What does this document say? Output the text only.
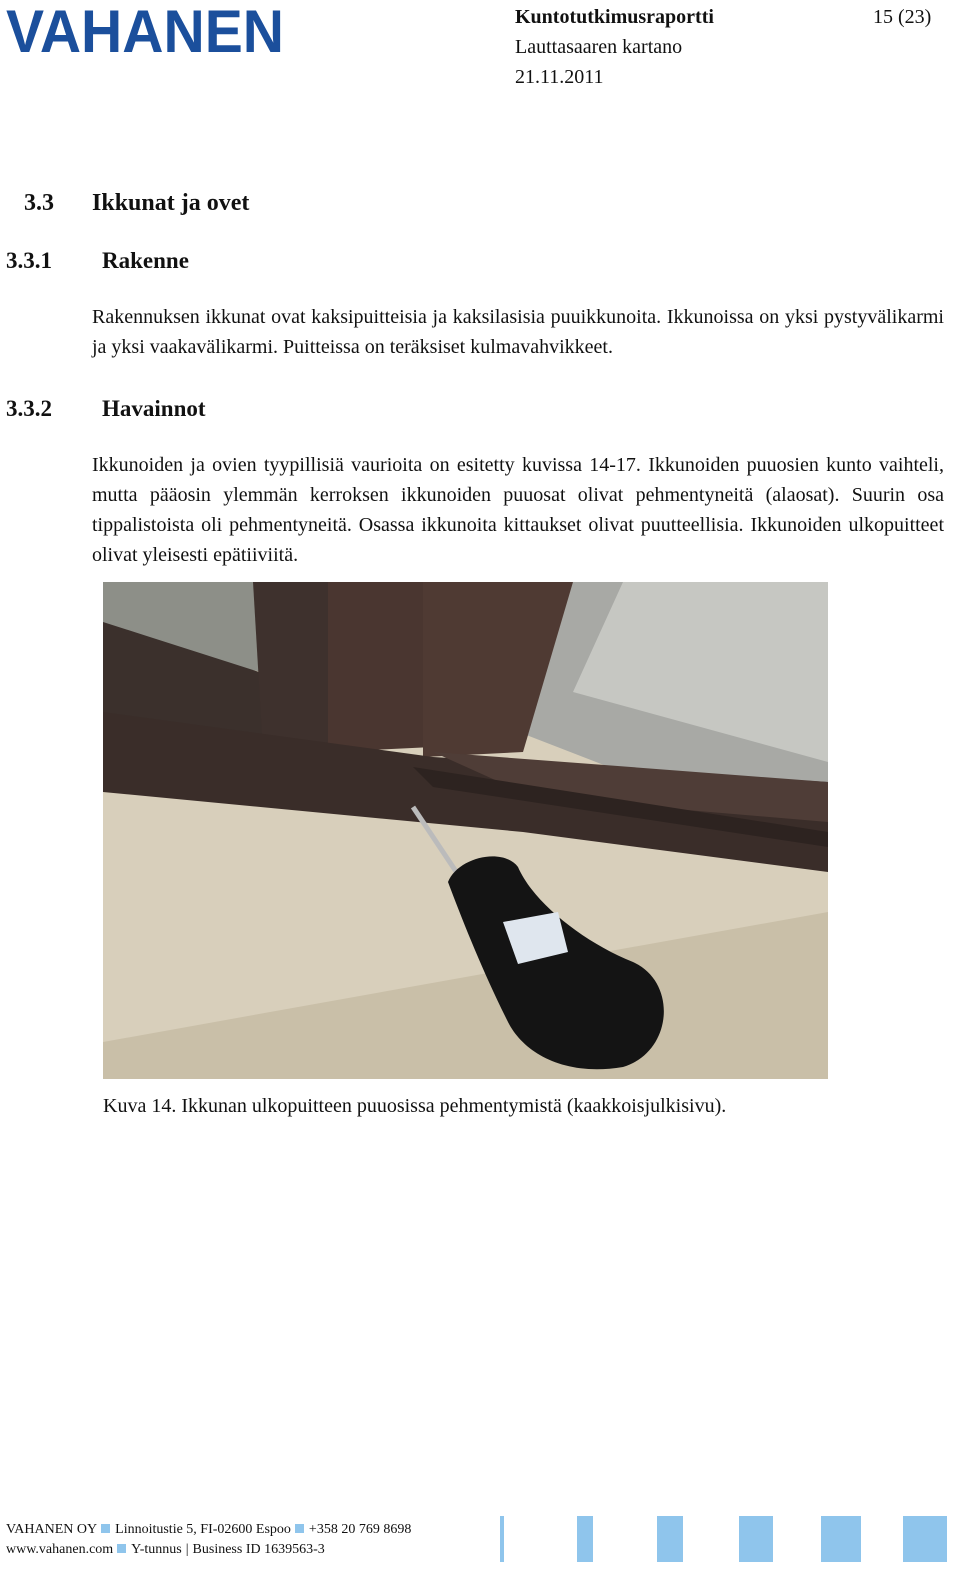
VAHANEN	Kuntotutkimusraportti
Lauttasaaren kartano
21.11.2011
15 (23)
3.3 Ikkunat ja ovet
3.3.1 Rakenne
Rakennuksen ikkunat ovat kaksipuitteisia ja kaksilasisia puuikkunoita. Ikkunoissa on yksi pystyvälikarmi ja yksi vaakavälikarmi. Puitteissa on teräksiset kulmavahvikkeet.
3.3.2 Havainnot
Ikkunoiden ja ovien tyypillisiä vaurioita on esitetty kuvissa 14-17. Ikkunoiden puuosien kunto vaihteli, mutta pääosin ylemmän kerroksen ikkunoiden puuosat olivat pehmentyneitä (alaosat). Suurin osa tippalistoista oli pehmentyneitä. Osassa ikkunoita kittaukset olivat puutteellisia. Ikkunoiden ulkopuitteet olivat yleisesti epätiiviitä.
Kuva 14. Ikkunan ulkopuitteen puuosissa pehmentymistä (kaakkoisjulkisivu).
VAHANEN OY Linnoitustie 5, FI-02600 Espoo +358 20 769 8698
www.vahanen.com Y-tunnus | Business ID 1639563-3
